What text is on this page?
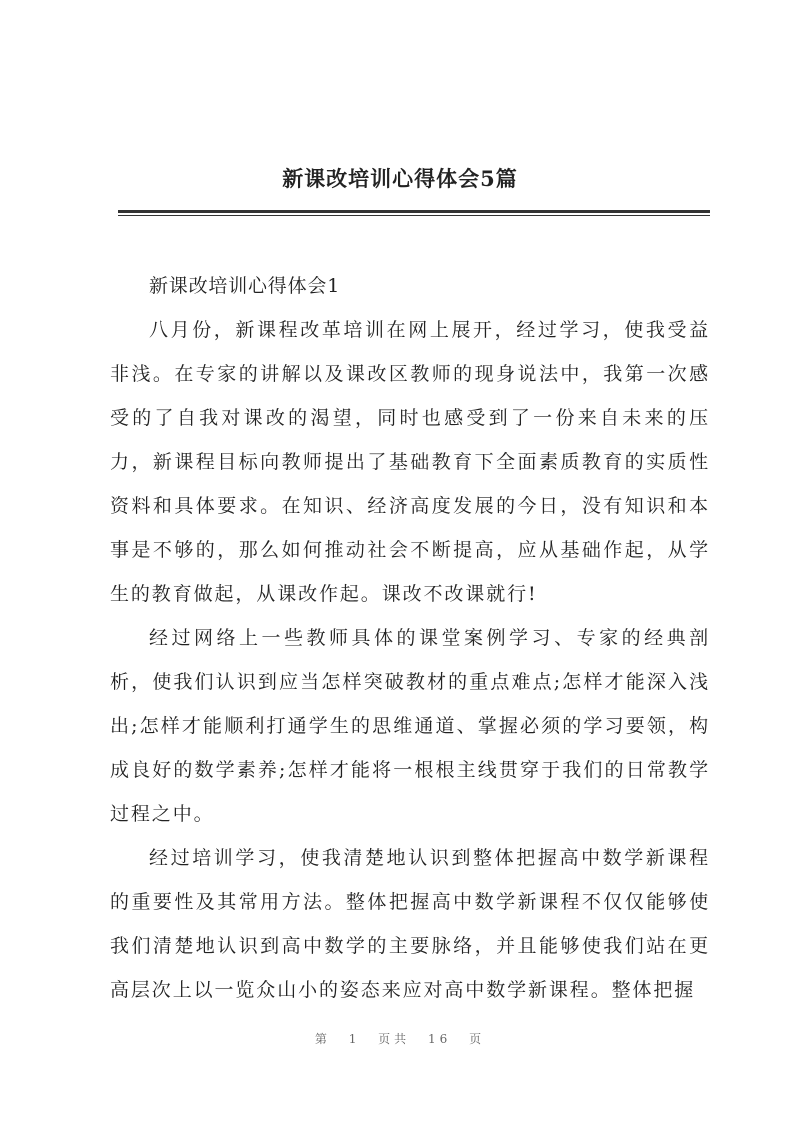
新课改培训心得体会5篇

新课改培训心得体会1

八月份，新课程改革培训在网上展开，经过学习，使我受益非浅。在专家的讲解以及课改区教师的现身说法中，我第一次感受的了自我对课改的渴望，同时也感受到了一份来自未来的压力，新课程目标向教师提出了基础教育下全面素质教育的实质性资料和具体要求。在知识、经济高度发展的今日，没有知识和本事是不够的，那么如何推动社会不断提高，应从基础作起，从学生的教育做起，从课改作起。课改不改课就行!

经过网络上一些教师具体的课堂案例学习、专家的经典剖析，使我们认识到应当怎样突破教材的重点难点;怎样才能深入浅出;怎样才能顺利打通学生的思维通道、掌握必须的学习要领，构成良好的数学素养;怎样才能将一根根主线贯穿于我们的日常教学过程之中。

经过培训学习，使我清楚地认识到整体把握高中数学新课程的重要性及其常用方法。整体把握高中数学新课程不仅仅能够使我们清楚地认识到高中数学的主要脉络，并且能够使我们站在更高层次上以一览众山小的姿态来应对高中数学新课程。整体把握

第 1 页共 16 页
